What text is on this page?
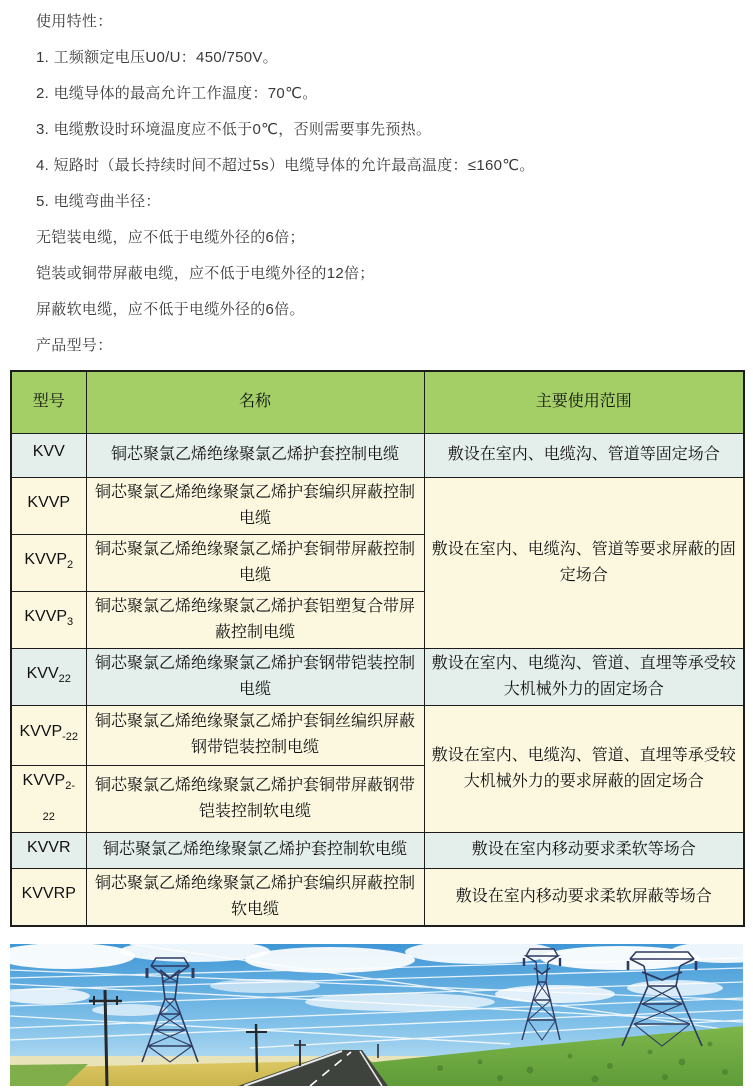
使用特性：

1. 工频额定电压U0/U：450/750V。

2. 电缆导体的最高允许工作温度：70℃。

3. 电缆敷设时环境温度应不低于0℃，否则需要事先预热。

4. 短路时（最长持续时间不超过5s）电缆导体的允许最高温度：≤160℃。

5. 电缆弯曲半径：

无铠装电缆，应不低于电缆外径的6倍；

铠装或铜带屏蔽电缆，应不低于电缆外径的12倍；

屏蔽软电缆，应不低于电缆外径的6倍。

产品型号：

型号	名称	主要使用范围
KVV	铜芯聚氯乙烯绝缘聚氯乙烯护套控制电缆	敷设在室内、电缆沟、管道等固定场合
KVVP	铜芯聚氯乙烯绝缘聚氯乙烯护套编织屏蔽控制电缆	敷设在室内、电缆沟、管道等要求屏蔽的固定场合
$KVVP_2$	铜芯聚氯乙烯绝缘聚氯乙烯护套铜带屏蔽控制电缆	
$KVVP_3$	铜芯聚氯乙烯绝缘聚氯乙烯护套铝塑复合带屏蔽控制电缆	
$KVV_{22}$	铜芯聚氯乙烯绝缘聚氯乙烯护套钢带铠装控制电缆	敷设在室内、电缆沟、管道、直埋等承受较大机械外力的固定场合
$KVVP_{-22}$	铜芯聚氯乙烯绝缘聚氯乙烯护套铜丝编织屏蔽钢带铠装控制电缆	敷设在室内、电缆沟、管道、直埋等承受较大机械外力的要求屏蔽的固定场合
$KVVP_{2-22}$	铜芯聚氯乙烯绝缘聚氯乙烯护套铜带屏蔽钢带铠装控制软电缆	
KVVR	铜芯聚氯乙烯绝缘聚氯乙烯护套控制软电缆	敷设在室内移动要求柔软等场合
KVVRP	铜芯聚氯乙烯绝缘聚氯乙烯护套编织屏蔽控制软电缆	敷设在室内移动要求柔软屏蔽等场合
